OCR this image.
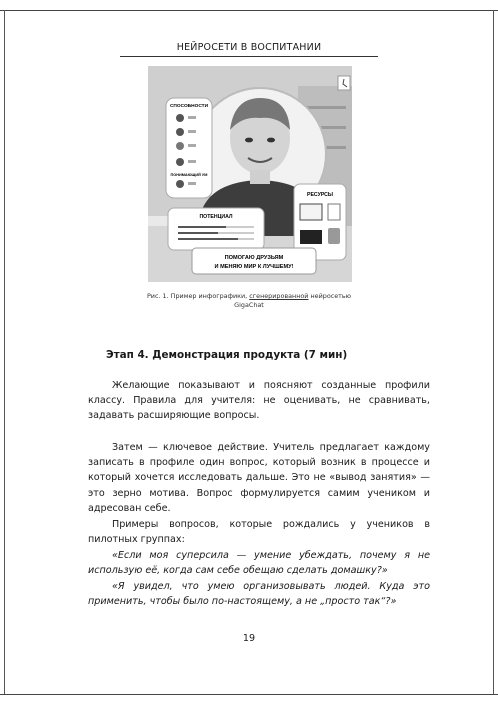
НЕЙРОСЕТИ В ВОСПИТАНИИ
СПОСОБНОСТИ
ПОНИМАЮЩИЙ УМ
ПОТЕНЦИАЛ
РЕСУРСЫ
ПОМОГАЮ ДРУЗЬЯМ
И МЕНЯЮ МИР К ЛУЧШЕМУ!
Рис. 1. Пример инфографики, сгенерированной нейросетью
GigaChat
Этап 4. Демонстрация продукта (7 мин)

Желающие показывают и поясняют созданные профили классу. Правила для учителя: не оценивать, не сравнивать, задавать расширяющие вопросы.

Затем — ключевое действие. Учитель предлагает каждому записать в профиле один вопрос, который возник в процессе и который хочется исследовать дальше. Это не «вывод занятия» — это зерно мотива. Вопрос формулируется самим учеником и адресован себе.

Примеры вопросов, которые рождались у учеников в пилотных группах:

«Если моя суперсила — умение убеждать, почему я не использую её, когда сам себе обещаю сделать домашку?»

«Я увидел, что умею организовывать людей. Куда это применить, чтобы было по-настоящему, а не „просто так“?»

19
